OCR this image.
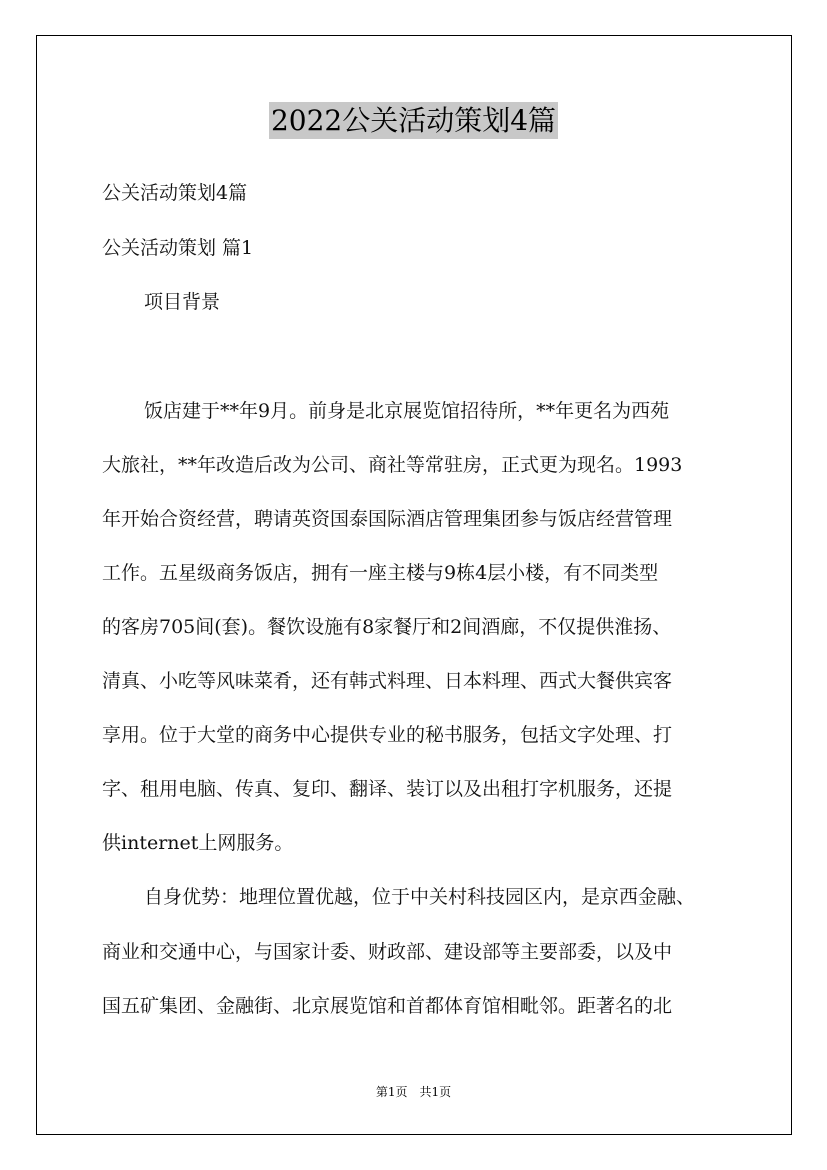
2022公关活动策划4篇
公关活动策划4篇
公关活动策划 篇1
项目背景
饭店建于**年9月。前身是北京展览馆招待所，**年更名为西苑
大旅社，**年改造后改为公司、商社等常驻房，正式更为现名。1993
年开始合资经营，聘请英资国泰国际酒店管理集团参与饭店经营管理
工作。五星级商务饭店，拥有一座主楼与9栋4层小楼，有不同类型
的客房705间(套)。餐饮设施有8家餐厅和2间酒廊，不仅提供淮扬、
清真、小吃等风味菜肴，还有韩式料理、日本料理、西式大餐供宾客
享用。位于大堂的商务中心提供专业的秘书服务，包括文字处理、打
字、租用电脑、传真、复印、翻译、装订以及出租打字机服务，还提
供internet上网服务。
自身优势：地理位置优越，位于中关村科技园区内，是京西金融、
商业和交通中心，与国家计委、财政部、建设部等主要部委，以及中
国五矿集团、金融街、北京展览馆和首都体育馆相毗邻。距著名的北
第1页 共1页
